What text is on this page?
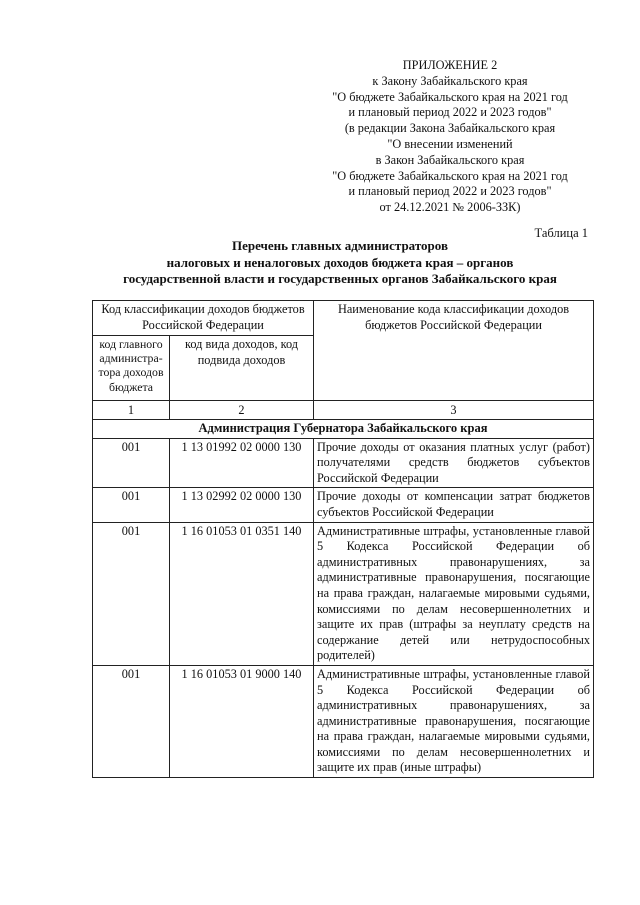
ПРИЛОЖЕНИЕ 2
к Закону Забайкальского края
"О бюджете Забайкальского края на 2021 год
и плановый период 2022 и 2023 годов"
(в редакции Закона Забайкальского края
"О внесении изменений
в Закон Забайкальского края
"О бюджете Забайкальского края на 2021 год
и плановый период 2022 и 2023 годов"
от 24.12.2021 № 2006-ЗЗК)
Таблица 1
Перечень главных администраторов
налоговых и неналоговых доходов бюджета края – органов
государственной власти и государственных органов Забайкальского края
Код классификации доходов бюджетов Российской Федерации		Наименование кода классификации доходов бюджетов Российской Федерации
код главного администра-тора доходов бюджета	код вида доходов, код подвида доходов	
1	2	3
Администрация Губернатора Забайкальского края		
001	1 13 01992 02 0000 130	Прочие доходы от оказания платных услуг (работ) получателями средств бюджетов субъектов Российской Федерации
001	1 13 02992 02 0000 130	Прочие доходы от компенсации затрат бюджетов субъектов Российской Федерации
001	1 16 01053 01 0351 140	Административные штрафы, установленные главой 5 Кодекса Российской Федерации об административных правонарушениях, за административные правонарушения, посягающие на права граждан, налагаемые мировыми судьями, комиссиями по делам несовершеннолетних и защите их прав (штрафы за неуплату средств на содержание детей или нетрудоспособных родителей)
001	1 16 01053 01 9000 140	Административные штрафы, установленные главой 5 Кодекса Российской Федерации об административных правонарушениях, за административные правонарушения, посягающие на права граждан, налагаемые мировыми судьями, комиссиями по делам несовершеннолетних и защите их прав (иные штрафы)
